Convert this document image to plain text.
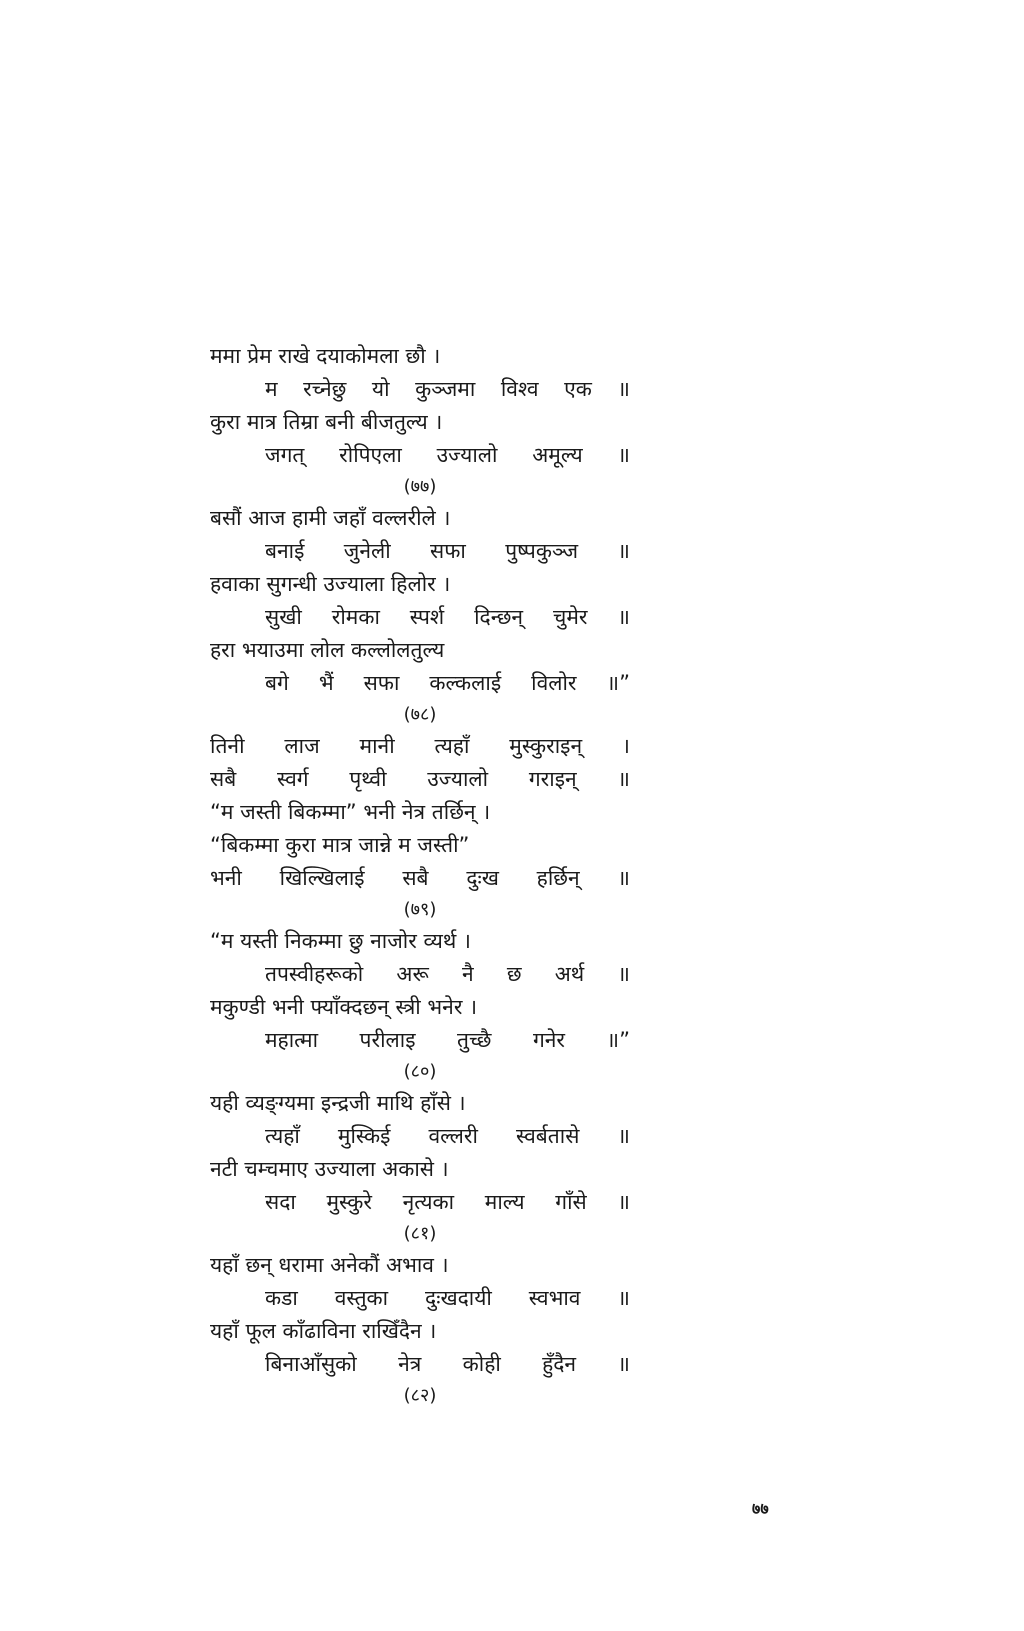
ममा प्रेम राखे दयाकोमला छौ ।
म रच्नेछु यो कुञ्जमा विश्व एक ॥
कुरा मात्र तिम्रा बनी बीजतुल्य ।
जगत् रोपिएला उज्यालो अमूल्य ॥
(७७)
बसौं आज हामी जहाँ वल्लरीले ।
बनाई जुनेली सफा पुष्पकुञ्ज ॥
हवाका सुगन्धी उज्याला हिलोर ।
सुखी रोमका स्पर्श दिन्छन् चुमेर ॥
हरा भयाउमा लोल कल्लोलतुल्य
बगे भैं सफा कल्कलाई विलोर ॥”
(७८)
तिनी लाज मानी त्यहाँ मुस्कुराइन् ।
सबै स्वर्ग पृथ्वी उज्यालो गराइन् ॥
“म जस्ती बिकम्मा” भनी नेत्र तर्छिन् ।
“बिकम्मा कुरा मात्र जान्ने म जस्ती”
भनी खिल्खिलाई सबै दुःख हर्छिन् ॥
(७९)
“म यस्ती निकम्मा छु नाजोर व्यर्थ ।
तपस्वीहरूको अरू नै छ अर्थ ॥
मकुण्डी भनी फ्याँक्दछन् स्त्री भनेर ।
महात्मा परीलाइ तुच्छै गनेर ॥”
(८०)
यही व्यङ्ग्यमा इन्द्रजी माथि हाँसे ।
त्यहाँ मुस्किई वल्लरी स्वर्बतासे ॥
नटी चम्चमाए उज्याला अकासे ।
सदा मुस्कुरे नृत्यका माल्य गाँसे ॥
(८१)
यहाँ छन् धरामा अनेकौं अभाव ।
कडा वस्तुका दुःखदायी स्वभाव ॥
यहाँ फूल काँढाविना राखिँदैन ।
बिनाआँसुको नेत्र कोही हुँदैन ॥
(८२)
७७
